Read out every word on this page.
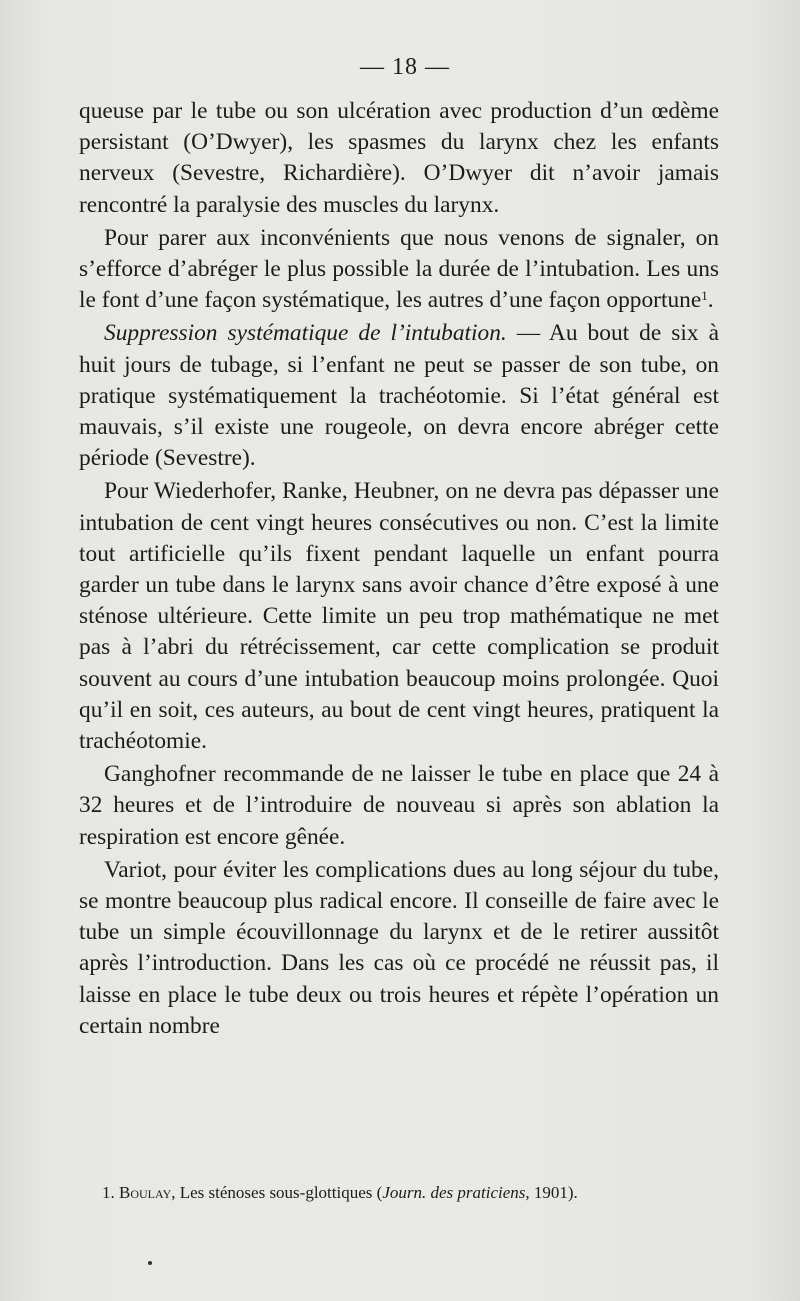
— 18 —

queuse par le tube ou son ulcération avec production d’un œdème persistant (O’Dwyer), les spasmes du larynx chez les enfants nerveux (Sevestre, Richardière). O’Dwyer dit n’avoir jamais rencontré la paralysie des muscles du larynx.

Pour parer aux inconvénients que nous venons de signaler, on s’efforce d’abréger le plus possible la durée de l’intubation. Les uns le font d’une façon systématique, les autres d’une façon opportune$^1$.

Suppression systématique de l’intubation. — Au bout de six à huit jours de tubage, si l’enfant ne peut se passer de son tube, on pratique systématiquement la trachéotomie. Si l’état général est mauvais, s’il existe une rougeole, on devra encore abréger cette période (Sevestre).

Pour Wiederhofer, Ranke, Heubner, on ne devra pas dépasser une intubation de cent vingt heures consécutives ou non. C’est la limite tout artificielle qu’ils fixent pendant laquelle un enfant pourra garder un tube dans le larynx sans avoir chance d’être exposé à une sténose ultérieure. Cette limite un peu trop mathématique ne met pas à l’abri du rétrécissement, car cette complication se produit souvent au cours d’une intubation beaucoup moins prolongée. Quoi qu’il en soit, ces auteurs, au bout de cent vingt heures, pratiquent la trachéotomie.

Ganghofner recommande de ne laisser le tube en place que 24 à 32 heures et de l’introduire de nouveau si après son ablation la respiration est encore gênée.

Variot, pour éviter les complications dues au long séjour du tube, se montre beaucoup plus radical encore. Il conseille de faire avec le tube un simple écouvillonnage du larynx et de le retirer aussitôt après l’introduction. Dans les cas où ce procédé ne réussit pas, il laisse en place le tube deux ou trois heures et répète l’opération un certain nombre

1. Boulay, Les sténoses sous-glottiques (Journ. des praticiens, 1901).
